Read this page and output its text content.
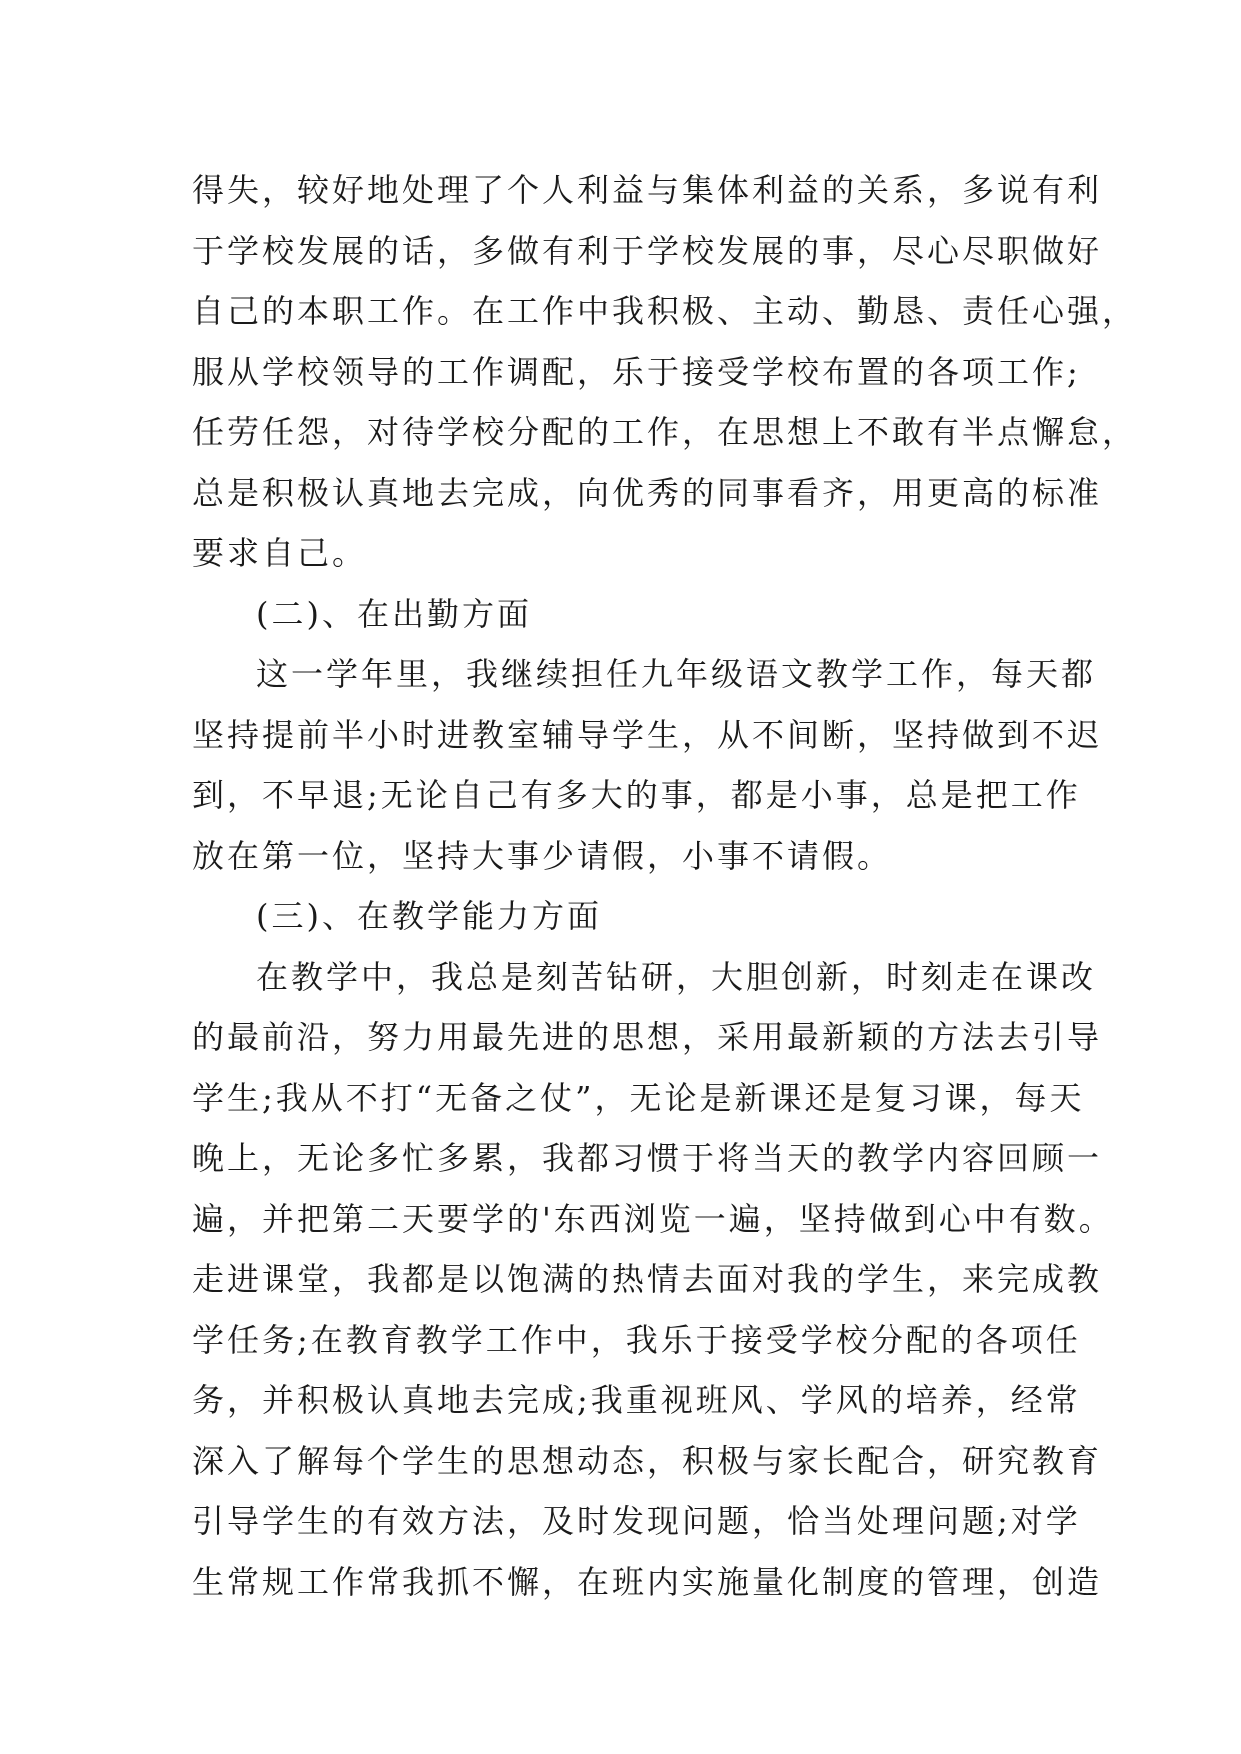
得失，较好地处理了个人利益与集体利益的关系，多说有利
于学校发展的话，多做有利于学校发展的事，尽心尽职做好
自己的本职工作。在工作中我积极、主动、勤恳、责任心强，
服从学校领导的工作调配，乐于接受学校布置的各项工作;
任劳任怨，对待学校分配的工作，在思想上不敢有半点懈怠，
总是积极认真地去完成，向优秀的同事看齐，用更高的标准
要求自己。
(二)、在出勤方面
这一学年里，我继续担任九年级语文教学工作，每天都
坚持提前半小时进教室辅导学生，从不间断，坚持做到不迟
到，不早退;无论自己有多大的事，都是小事，总是把工作
放在第一位，坚持大事少请假，小事不请假。
(三)、在教学能力方面
在教学中，我总是刻苦钻研，大胆创新，时刻走在课改
的最前沿，努力用最先进的思想，采用最新颖的方法去引导
学生;我从不打“无备之仗”，无论是新课还是复习课，每天
晚上，无论多忙多累，我都习惯于将当天的教学内容回顾一
遍，并把第二天要学的'东西浏览一遍，坚持做到心中有数。
走进课堂，我都是以饱满的热情去面对我的学生，来完成教
学任务;在教育教学工作中，我乐于接受学校分配的各项任
务，并积极认真地去完成;我重视班风、学风的培养，经常
深入了解每个学生的思想动态，积极与家长配合，研究教育
引导学生的有效方法，及时发现问题，恰当处理问题;对学
生常规工作常我抓不懈，在班内实施量化制度的管理，创造
